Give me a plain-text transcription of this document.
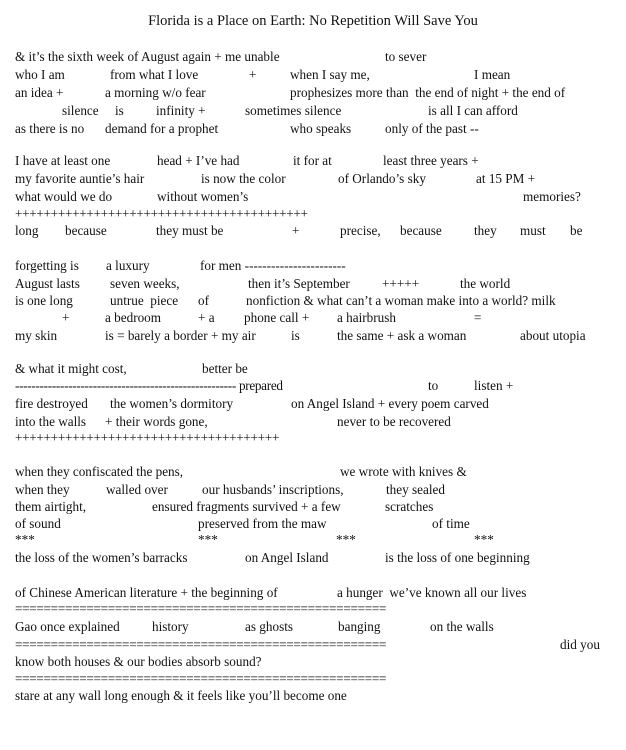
Florida is a Place on Earth: No Repetition Will Save You

& it’s the sixth week of August again + me unable

	to sever

who I am

	from what I love

	+

	when I say me,

	I mean

an idea +

	a morning w/o fear

	prophesizes more than  the end of night + the end of

silence

is

infinity +

	sometimes silence

	is all I can afford

as there is no

demand for a prophet

	who speaks

	only of the past --

I have at least one

	head + I’ve had

	it for at

	least three years +

my favorite auntie’s hair

	is now the color

	of Orlando’s sky

	at 15 PM +

what would we do

	without women’s

	memories?

+++++++++++++++++++++++++++++++++++++++++

long

because

	they must be

	+

	precise,

because

they

must

be

forgetting is

a luxury

	for men -----------------------

August lasts

seven weeks,

	then it’s September

+++++

	the world

is one long

	untrue  piece

of

	nonfiction & what can’t a woman make into a world? milk

+

	a bedroom

	+ a

phone call +

a hairbrush

	=

my skin

	is = barely a border + my air

	is

	the same + ask a woman

	about utopia

& what it might cost,

	better be

------------------------------------------------------ prepared

	to

	listen +

fire destroyed

the women’s dormitory

	on Angel Island + every poem carved

into the walls

+ their words gone,

	never to be recovered

+++++++++++++++++++++++++++++++++++++

when they confiscated the pens,

	we wrote with knives &

when they

	walled over

	our husbands’ inscriptions,

	they sealed

them airtight,

	ensured fragments survived + a few

	scratches

of sound

	preserved from the maw

	of time

***

	***

	***

	***

the loss of the women’s barracks

	on Angel Island

	is the loss of one beginning

of Chinese American literature + the beginning of

	a hunger  we’ve known all our lives

====================================================

Gao once explained

history

	as ghosts

	banging

	on the walls

====================================================

	did you

know both houses & our bodies absorb sound?

====================================================

stare at any wall long enough & it feels like you’ll become one
